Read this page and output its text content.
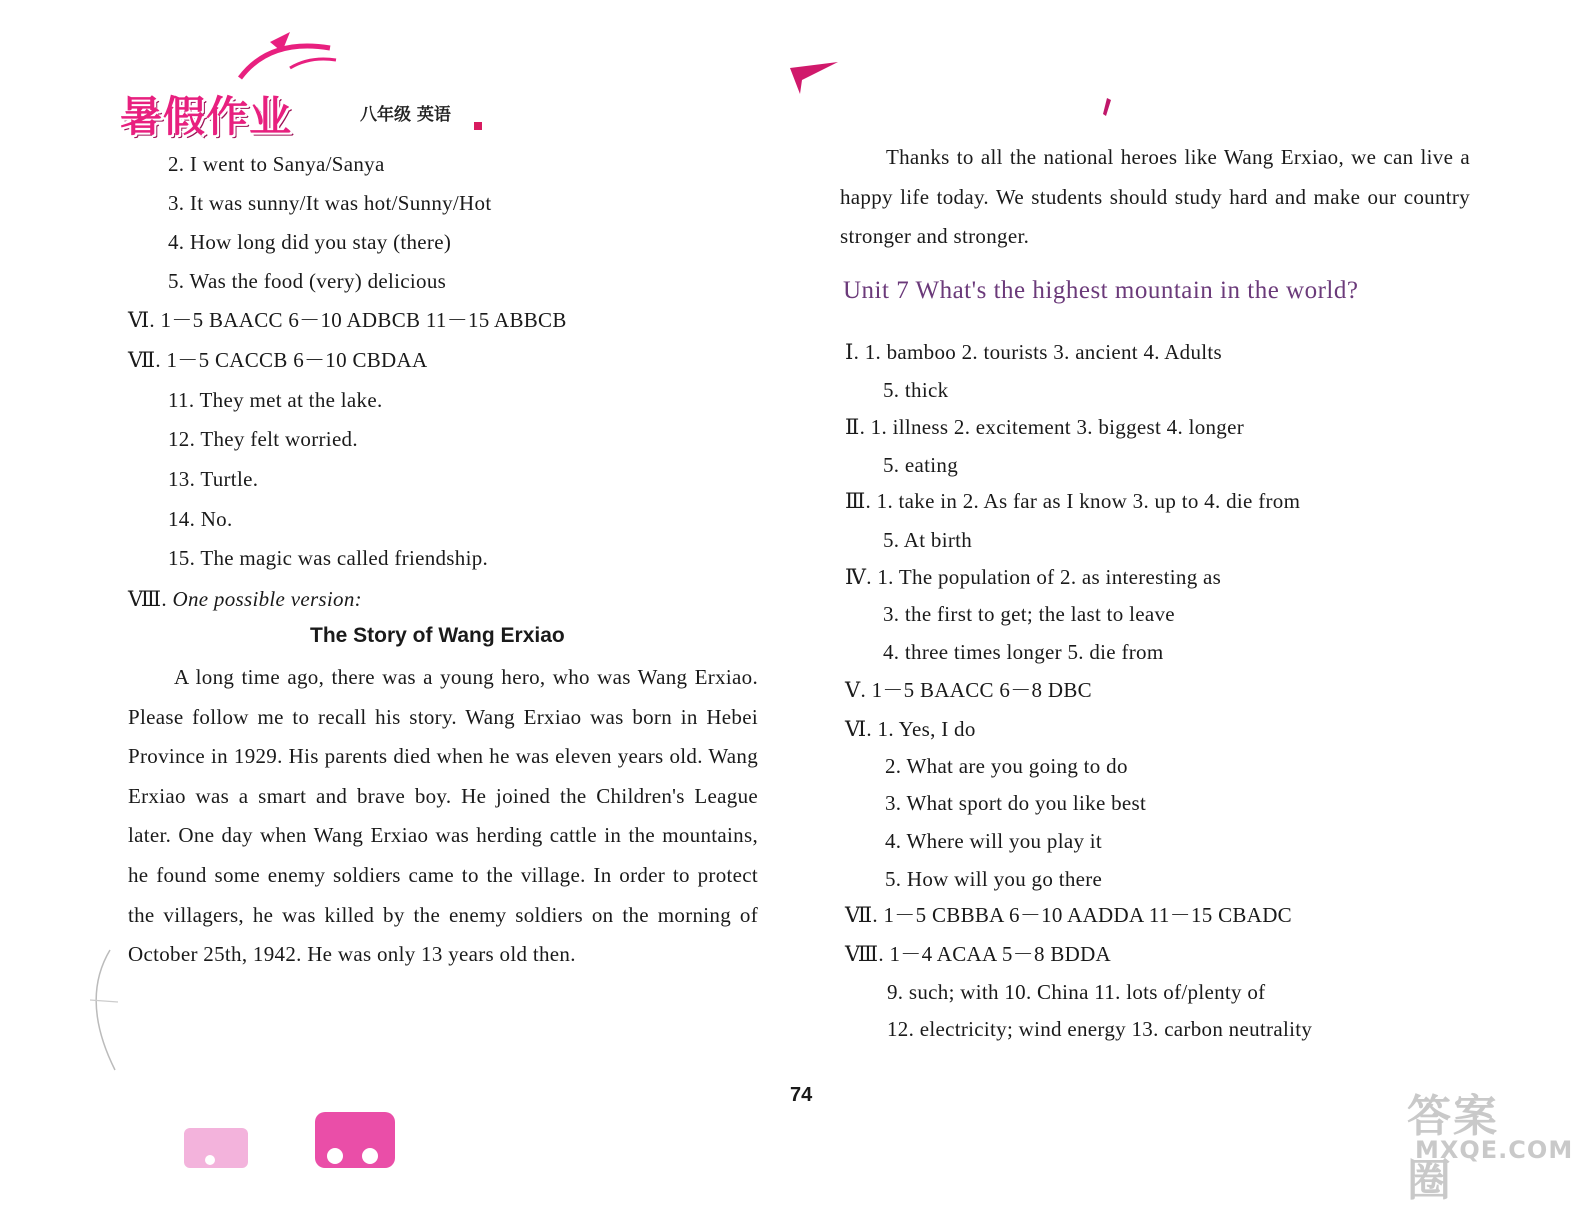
暑假作业	八年级 英语
2. I went to Sanya/Sanya
3. It was sunny/It was hot/Sunny/Hot
4. How long did you stay (there)
5. Was the food (very) delicious
Ⅵ. 1－5 BAACC 6－10 ADBCB 11－15 ABBCB
Ⅶ. 1－5 CACCB 6－10 CBDAA
11. They met at the lake.
12. They felt worried.
13. Turtle.
14. No.
15. The magic was called friendship.
Ⅷ. One possible version:
The Story of Wang Erxiao
A long time ago, there was a young hero, who was Wang Erxiao. Please follow me to recall his story. Wang Erxiao was born in Hebei Province in 1929. His parents died when he was eleven years old. Wang Erxiao was a smart and brave boy. He joined the Children's League later. One day when Wang Erxiao was herding cattle in the mountains, he found some enemy soldiers came to the village. In order to protect the villagers, he was killed by the enemy soldiers on the morning of October 25th, 1942. He was only 13 years old then.
Thanks to all the national heroes like Wang Erxiao, we can live a happy life today. We students should study hard and make our country stronger and stronger.
Unit 7 What's the highest mountain in the world?
Ⅰ. 1. bamboo 2. tourists 3. ancient 4. Adults
5. thick
Ⅱ. 1. illness 2. excitement 3. biggest 4. longer
5. eating
Ⅲ. 1. take in 2. As far as I know 3. up to 4. die from
5. At birth
Ⅳ. 1. The population of 2. as interesting as
3. the first to get; the last to leave
4. three times longer 5. die from
Ⅴ. 1－5 BAACC 6－8 DBC
Ⅵ. 1. Yes, I do
2. What are you going to do
3. What sport do you like best
4. Where will you play it
5. How will you go there
Ⅶ. 1－5 CBBBA 6－10 AADDA 11－15 CBADC
Ⅷ. 1－4 ACAA 5－8 BDDA
9. such; with 10. China 11. lots of/plenty of
12. electricity; wind energy 13. carbon neutrality
74	答案圈
MXQE.COM
